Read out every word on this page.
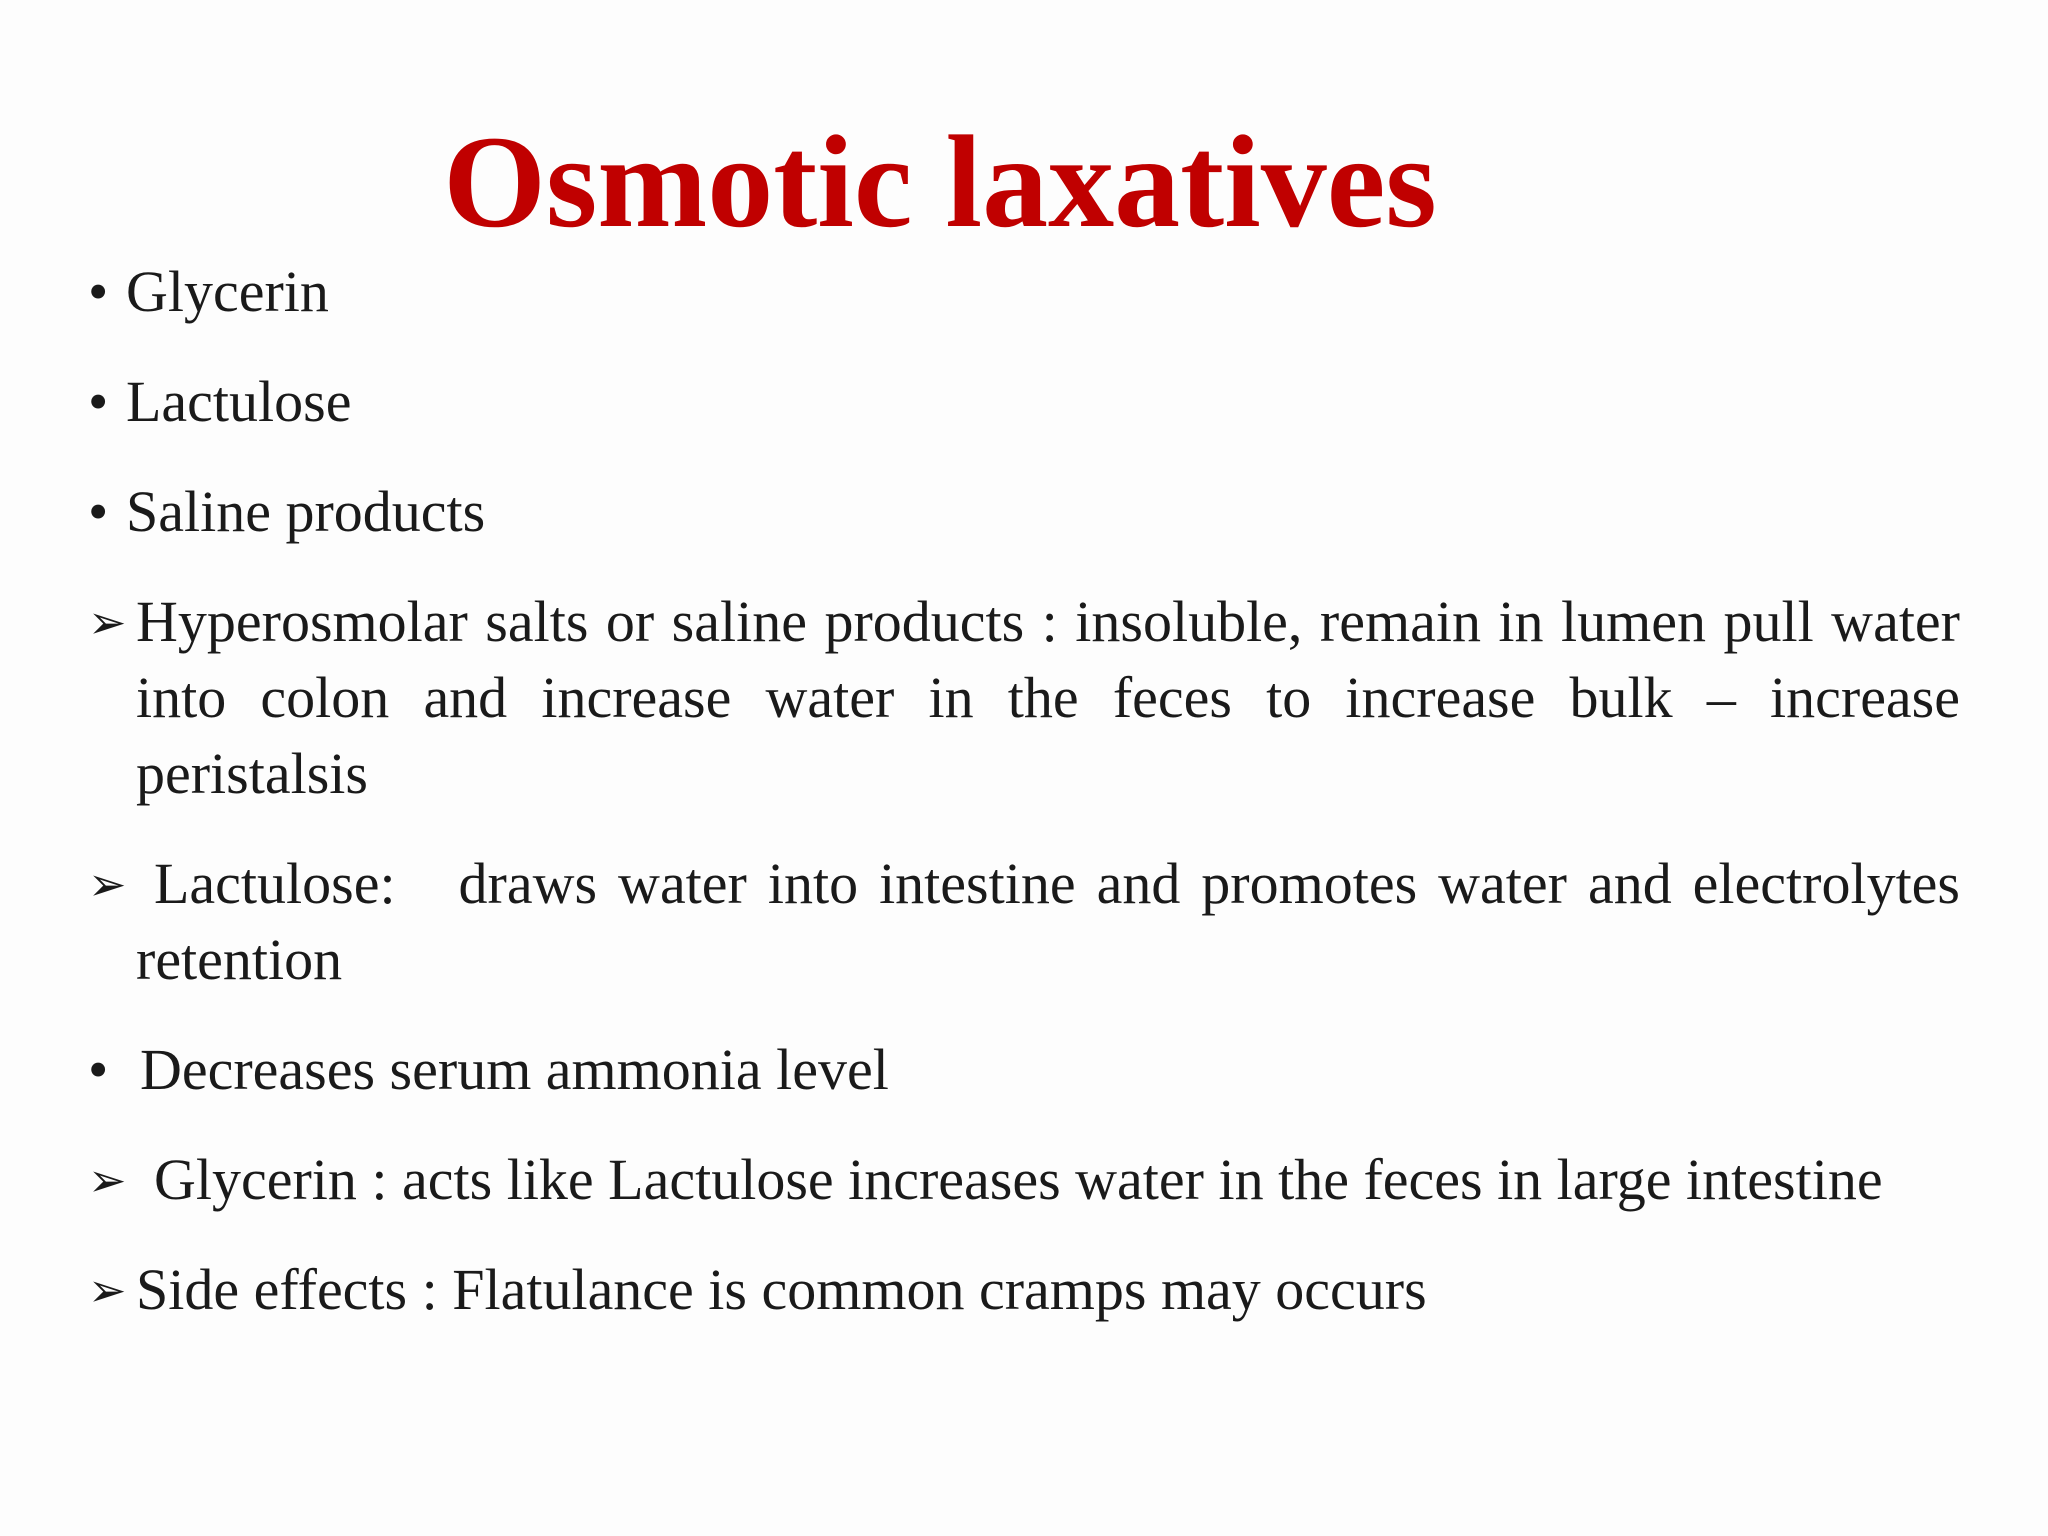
Osmotic laxatives
• Glycerin
• Lactulose
• Saline products
➢ Hyperosmolar salts or saline products : insoluble, remain in lumen pull water into colon and increase water in the feces to increase bulk – increase peristalsis
➢ Lactulose:   draws water into intestine and promotes water and electrolytes retention
• Decreases serum ammonia level
➢ Glycerin : acts like Lactulose increases water in the feces in large intestine
➢ Side effects : Flatulance is common cramps may occurs
